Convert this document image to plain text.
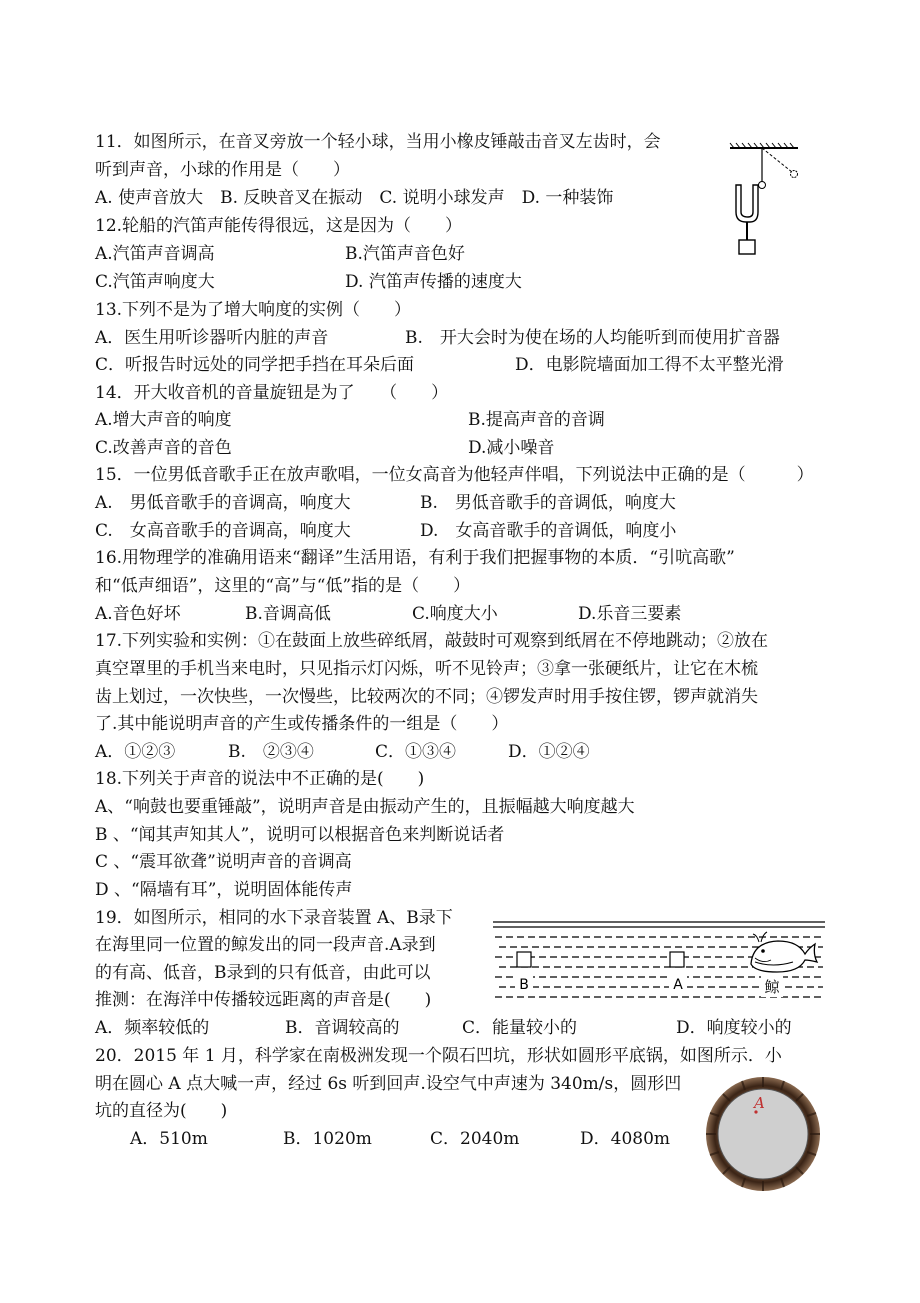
11．如图所示，在音叉旁放一个轻小球，当用小橡皮锤敲击音叉左齿时，会
听到声音，小球的作用是（　　）
A. 使声音放大　B. 反映音叉在振动　C. 说明小球发声　D. 一种装饰
12.轮船的汽笛声能传得很远，这是因为（　　）
A.汽笛声音调高	B.汽笛声音色好
C.汽笛声响度大	D. 汽笛声传播的速度大
13.下列不是为了增大响度的实例（　　）
A．医生用听诊器听内脏的声音	B.　开大会时为使在场的人均能听到而使用扩音器
C．听报告时远处的同学把手挡在耳朵后面	D．电影院墙面加工得不太平整光滑
14．开大收音机的音量旋钮是为了　　（　　）
A.增大声音的响度	B.提高声音的音调
C.改善声音的音色	D.减小噪音
15．一位男低音歌手正在放声歌唱，一位女高音为他轻声伴唱，下列说法中正确的是（　　　）
A.　男低音歌手的音调高，响度大	B.　男低音歌手的音调低，响度大
C.　女高音歌手的音调高，响度大	D.　女高音歌手的音调低，响度小
16.用物理学的准确用语来“翻译”生活用语，有利于我们把握事物的本质．“引吭高歌”
和“低声细语”，这里的“高”与“低”指的是（　　）
A.音色好坏	B.音调高低	C.响度大小	D.乐音三要素
17.下列实验和实例：①在鼓面上放些碎纸屑，敲鼓时可观察到纸屑在不停地跳动；②放在
真空罩里的手机当来电时，只见指示灯闪烁，听不见铃声；③拿一张硬纸片，让它在木梳
齿上划过，一次快些，一次慢些，比较两次的不同；④锣发声时用手按住锣，锣声就消失
了.其中能说明声音的产生或传播条件的一组是（　　）
A．①②③	B.　②③④	C．①③④	D．①②④
18.下列关于声音的说法中不正确的是(　　)
A、“响鼓也要重锤敲”，说明声音是由振动产生的，且振幅越大响度越大
B 、“闻其声知其人”，说明可以根据音色来判断说话者
C 、“震耳欲聋”说明声音的音调高
D 、“隔墙有耳”，说明固体能传声
19．如图所示，相同的水下录音装置 A、B录下
在海里同一位置的鲸发出的同一段声音.A录到
的有高、低音，B录到的只有低音，由此可以
推测：在海洋中传播较远距离的声音是(　　)
A．频率较低的	B．音调较高的	C．能量较小的	D．响度较小的
B	A	鲸
20．2015 年 1 月，科学家在南极洲发现一个陨石凹坑，形状如圆形平底锅，如图所示．小
明在圆心 A 点大喊一声，经过 6s 听到回声.设空气中声速为 340m/s，圆形凹
坑的直径为(　　)
A．510m	B．1020m	C．2040m	D．4080m
A
